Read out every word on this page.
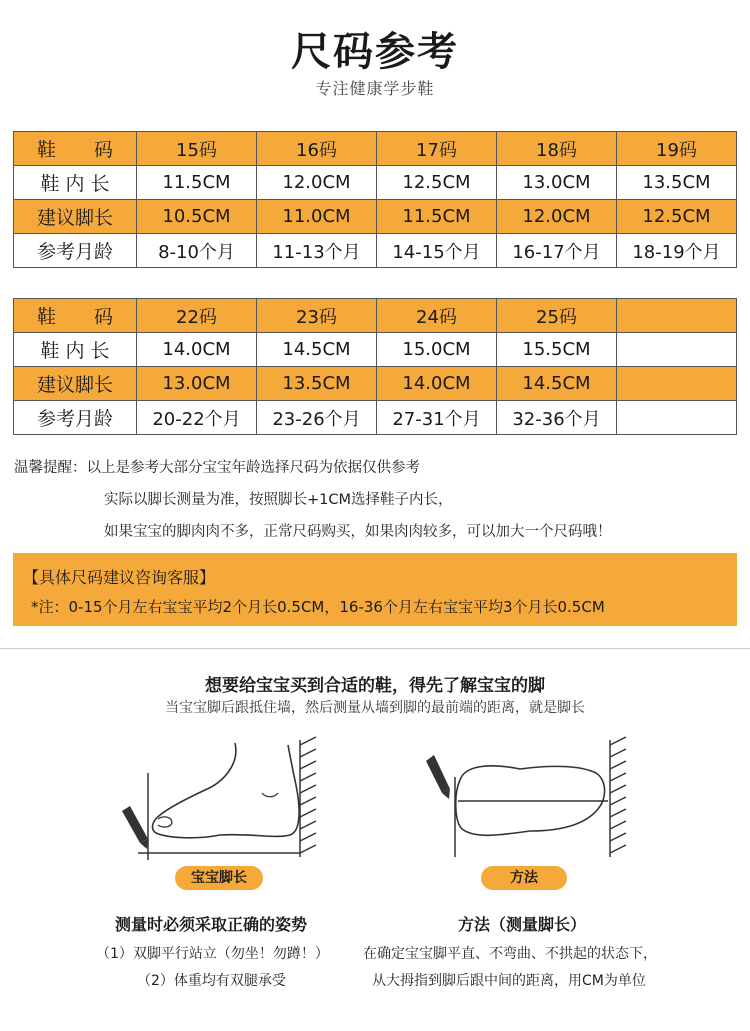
尺码参考
专注健康学步鞋
鞋　　码	15码	16码	17码	18码	19码
鞋 内 长	11.5CM	12.0CM	12.5CM	13.0CM	13.5CM
建议脚长	10.5CM	11.0CM	11.5CM	12.0CM	12.5CM
参考月龄	8-10个月	11-13个月	14-15个月	16-17个月	18-19个月
鞋　　码	22码	23码	24码	25码	
鞋 内 长	14.0CM	14.5CM	15.0CM	15.5CM	
建议脚长	13.0CM	13.5CM	14.0CM	14.5CM	
参考月龄	20-22个月	23-26个月	27-31个月	32-36个月	
温馨提醒：以上是参考大部分宝宝年龄选择尺码为依据仅供参考
实际以脚长测量为准，按照脚长+1CM选择鞋子内长，
如果宝宝的脚肉肉不多，正常尺码购买，如果肉肉较多，可以加大一个尺码哦！
【具体尺码建议咨询客服】
*注：0-15个月左右宝宝平均2个月长0.5CM，16-36个月左右宝宝平均3个月长0.5CM
想要给宝宝买到合适的鞋，得先了解宝宝的脚
当宝宝脚后跟抵住墙，然后测量从墙到脚的最前端的距离，就是脚长
宝宝脚长	方法
测量时必须采取正确的姿势
（1）双脚平行站立（勿坐！勿蹲！）
（2）体重均有双腿承受
方法（测量脚长）
在确定宝宝脚平直、不弯曲、不拱起的状态下，
从大拇指到脚后跟中间的距离，用CM为单位
